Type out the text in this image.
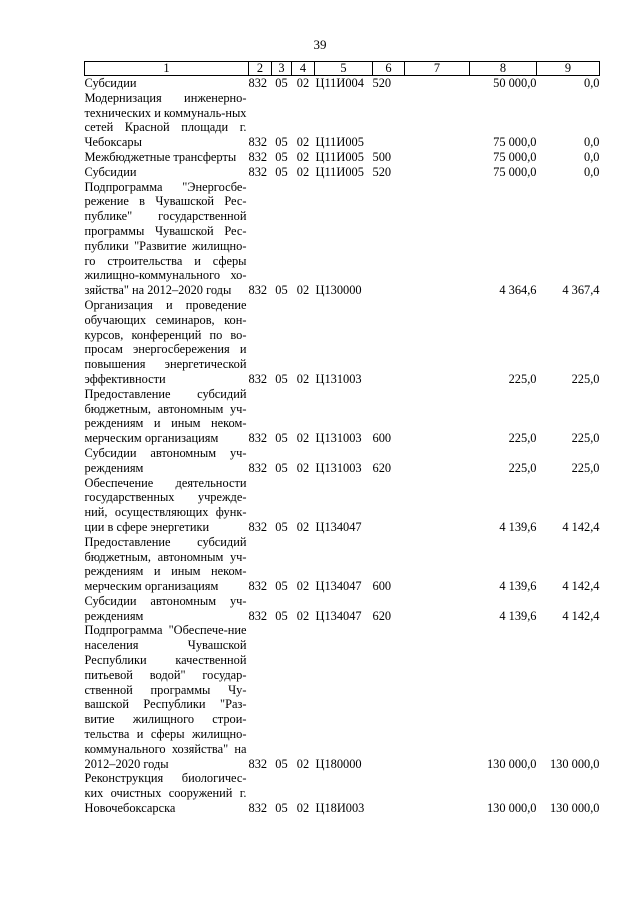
39
1	2	3	4	5	6	7	8	9
Субсидии	832	05	02	Ц11И004	520		50 000,0	0,0
Модернизация инженерно-технических и коммуналь-ных сетей Красной площади г. Чебоксары	832	05	02	Ц11И005			75 000,0	0,0
Межбюджетные трансферты	832	05	02	Ц11И005	500		75 000,0	0,0
Субсидии	832	05	02	Ц11И005	520		75 000,0	0,0
Подпрограмма "Энергосбе-режение в Чувашской Рес-публике" государственной программы Чувашской Рес-публики "Развитие жилищно-го строительства и сферы жилищно-коммунального хо-зяйства" на 2012–2020 годы	832	05	02	Ц130000			4 364,6	4 367,4
Организация и проведение обучающих семинаров, кон-курсов, конференций по во-просам энергосбережения и повышения энергетической эффективности	832	05	02	Ц131003			225,0	225,0
Предоставление субсидий бюджетным, автономным уч-реждениям и иным неком-мерческим организациям	832	05	02	Ц131003	600		225,0	225,0
Субсидии автономным уч-реждениям	832	05	02	Ц131003	620		225,0	225,0
Обеспечение деятельности государственных учрежде-ний, осуществляющих функ-ции в сфере энергетики	832	05	02	Ц134047			4 139,6	4 142,4
Предоставление субсидий бюджетным, автономным уч-реждениям и иным неком-мерческим организациям	832	05	02	Ц134047	600		4 139,6	4 142,4
Субсидии автономным уч-реждениям	832	05	02	Ц134047	620		4 139,6	4 142,4
Подпрограмма "Обеспече-ние населения Чувашской Республики качественной питьевой водой" государ-ственной программы Чу-вашской Республики "Раз-витие жилищного строи-тельства и сферы жилищно-коммунального хозяйства" на 2012–2020 годы	832	05	02	Ц180000			130 000,0	130 000,0
Реконструкция биологичес-ких очистных сооружений г. Новочебоксарска	832	05	02	Ц18И003			130 000,0	130 000,0
